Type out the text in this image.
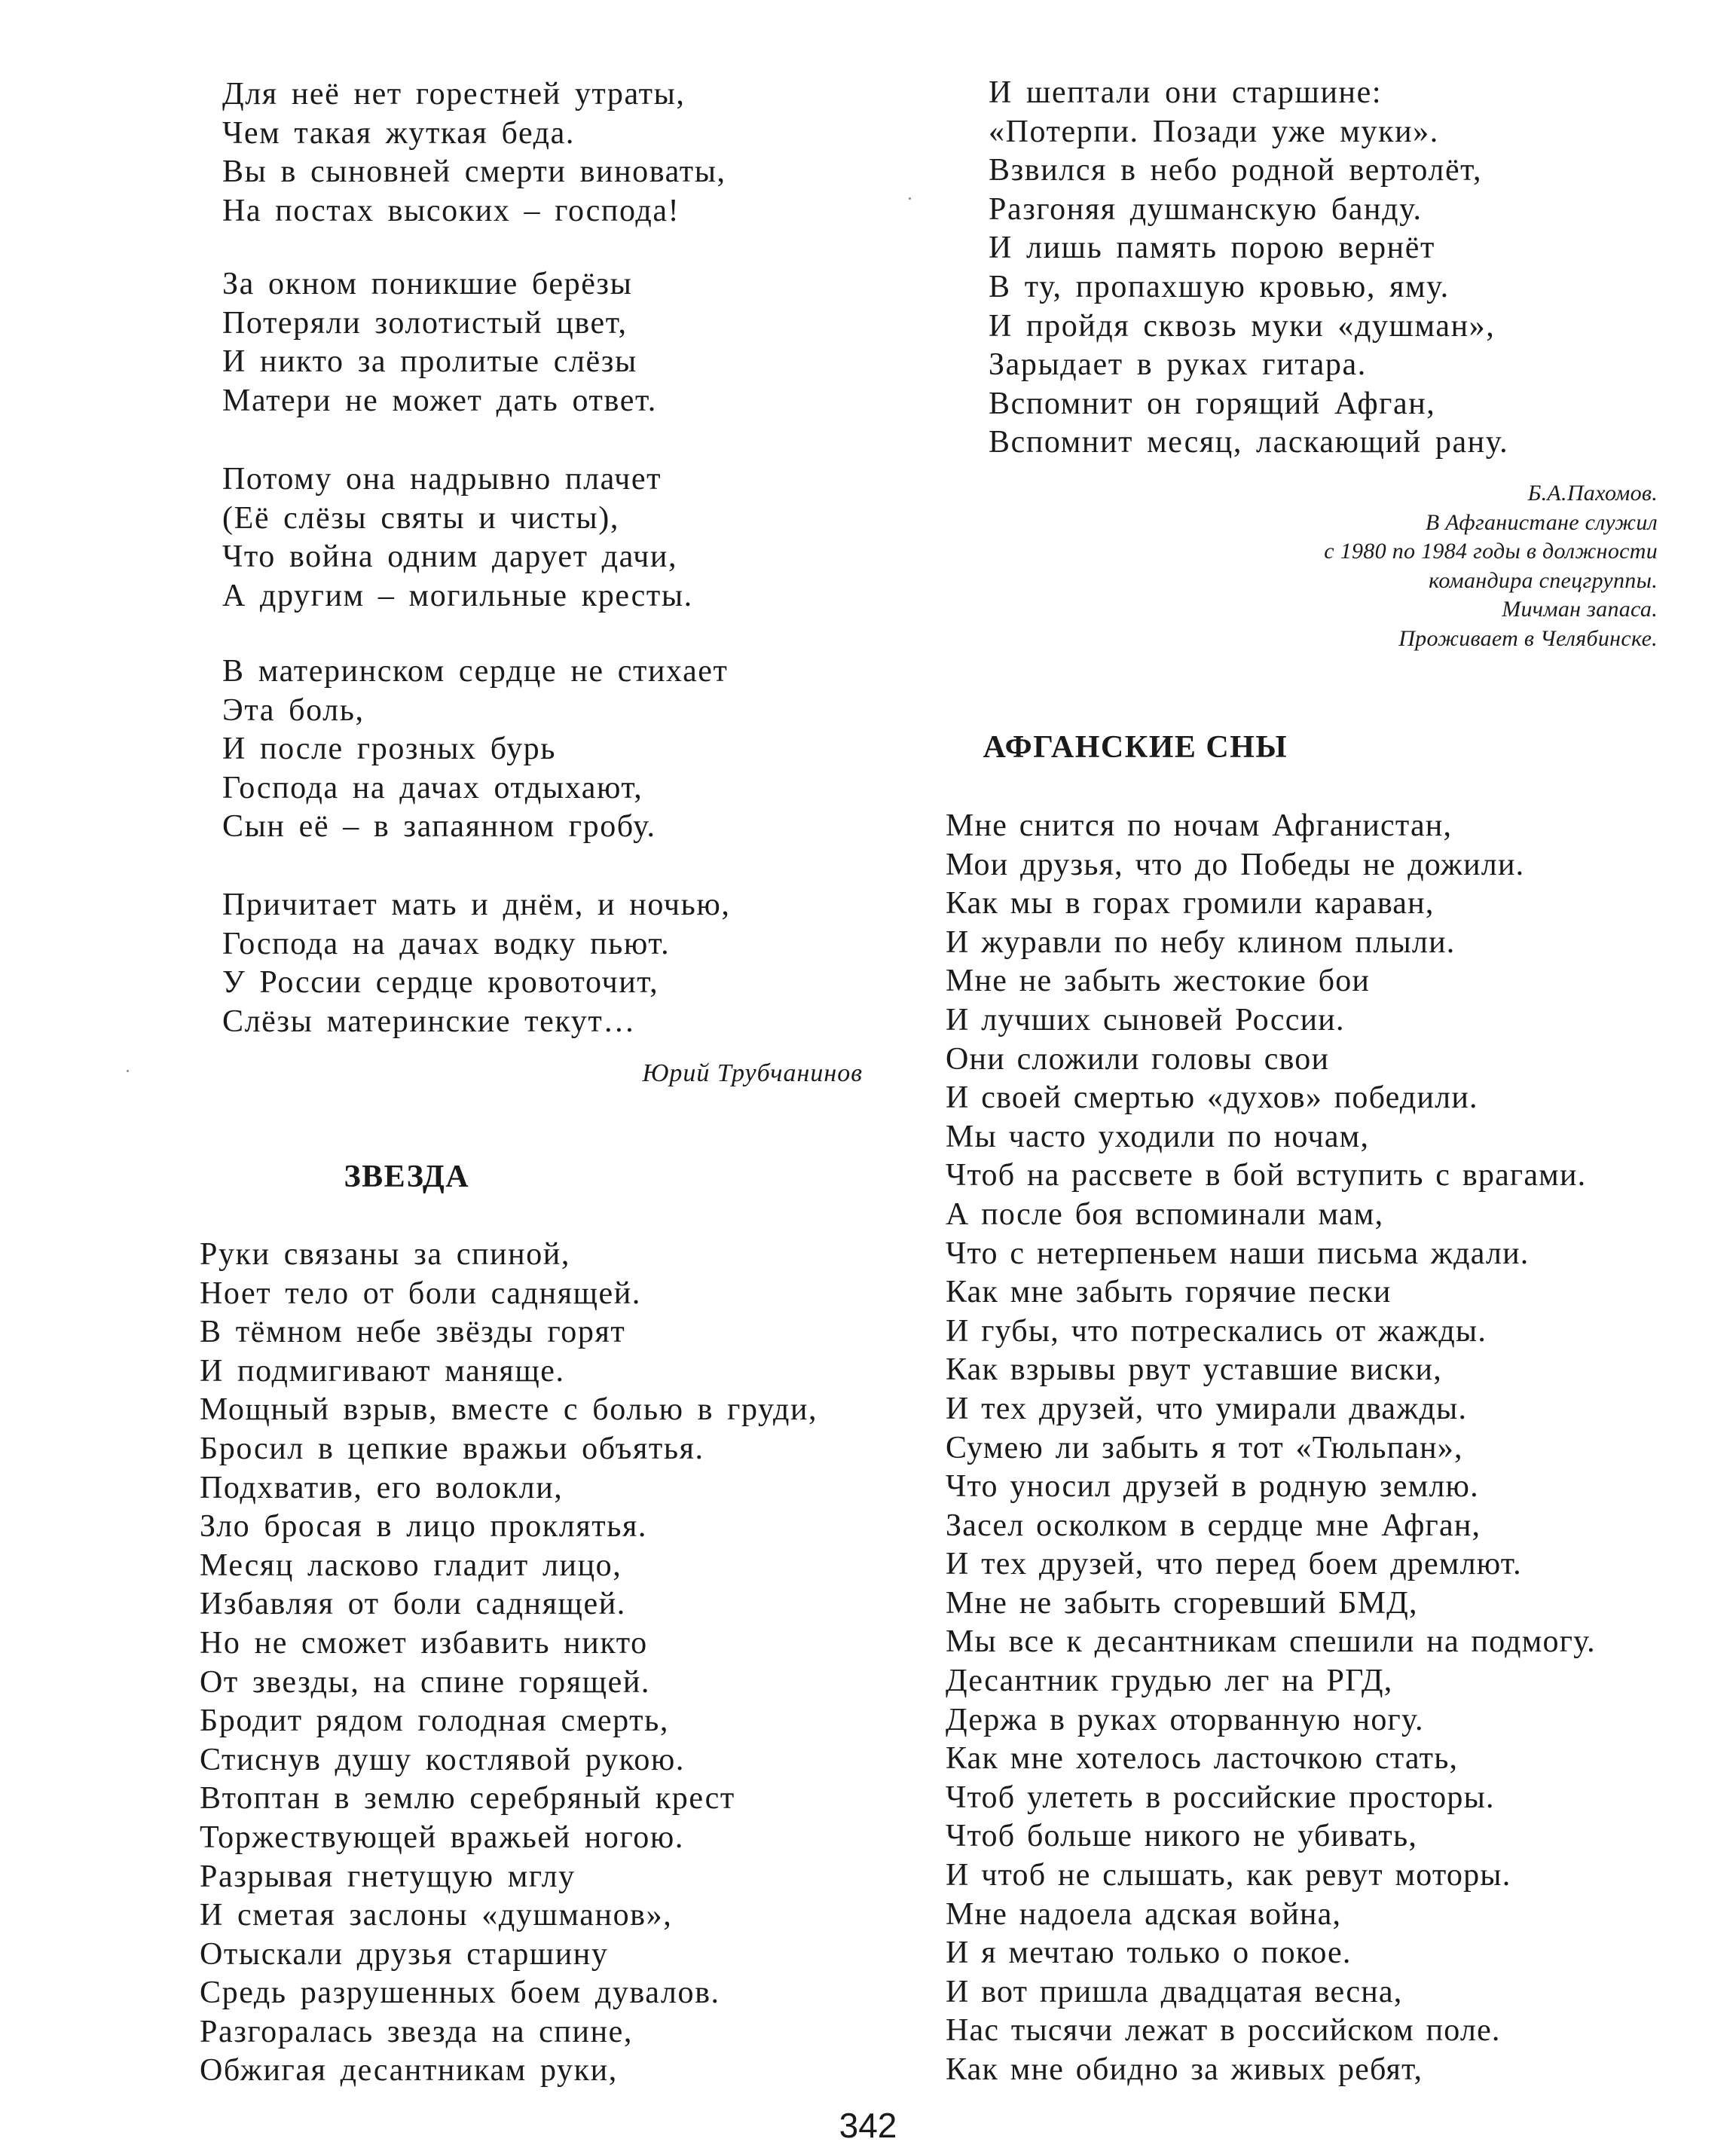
Для неё нет горестней утраты,
Чем такая жуткая беда.
Вы в сыновней смерти виноваты,
На постах высоких – господа!
За окном поникшие берёзы
Потеряли золотистый цвет,
И никто за пролитые слёзы
Матери не может дать ответ.
Потому она надрывно плачет
(Её слёзы святы и чисты),
Что война одним дарует дачи,
А другим – могильные кресты.
В материнском сердце не стихает
Эта боль,
И после грозных бурь
Господа на дачах отдыхают,
Сын её – в запаянном гробу.
Причитает мать и днём, и ночью,
Господа на дачах водку пьют.
У России сердце кровоточит,
Слёзы материнские текут…
Юрий Трубчанинов
ЗВЕЗДА
Руки связаны за спиной,
Ноет тело от боли саднящей.
В тёмном небе звёзды горят
И подмигивают маняще.
Мощный взрыв, вместе с болью в груди,
Бросил в цепкие вражьи объятья.
Подхватив, его волокли,
Зло бросая в лицо проклятья.
Месяц ласково гладит лицо,
Избавляя от боли саднящей.
Но не сможет избавить никто
От звезды, на спине горящей.
Бродит рядом голодная смерть,
Стиснув душу костлявой рукою.
Втоптан в землю серебряный крест
Торжествующей вражьей ногою.
Разрывая гнетущую мглу
И сметая заслоны «душманов»,
Отыскали друзья старшину
Средь разрушенных боем дувалов.
Разгоралась звезда на спине,
Обжигая десантникам руки,
И шептали они старшине:
«Потерпи. Позади уже муки».
Взвился в небо родной вертолёт,
Разгоняя душманскую банду.
И лишь память порою вернёт
В ту, пропахшую кровью, яму.
И пройдя сквозь муки «душман»,
Зарыдает в руках гитара.
Вспомнит он горящий Афган,
Вспомнит месяц, ласкающий рану.
Б.А.Пахомов.
В Афганистане служил
с 1980 по 1984 годы в должности
командира спецгруппы.
Мичман запаса.
Проживает в Челябинске.
АФГАНСКИЕ СНЫ
Мне снится по ночам Афганистан,
Мои друзья, что до Победы не дожили.
Как мы в горах громили караван,
И журавли по небу клином плыли.
Мне не забыть жестокие бои
И лучших сыновей России.
Они сложили головы свои
И своей смертью «духов» победили.
Мы часто уходили по ночам,
Чтоб на рассвете в бой вступить с врагами.
А после боя вспоминали мам,
Что с нетерпеньем наши письма ждали.
Как мне забыть горячие пески
И губы, что потрескались от жажды.
Как взрывы рвут уставшие виски,
И тех друзей, что умирали дважды.
Сумею ли забыть я тот «Тюльпан»,
Что уносил друзей в родную землю.
Засел осколком в сердце мне Афган,
И тех друзей, что перед боем дремлют.
Мне не забыть сгоревший БМД,
Мы все к десантникам спешили на подмогу.
Десантник грудью лег на РГД,
Держа в руках оторванную ногу.
Как мне хотелось ласточкою стать,
Чтоб улететь в российские просторы.
Чтоб больше никого не убивать,
И чтоб не слышать, как ревут моторы.
Мне надоела адская война,
И я мечтаю только о покое.
И вот пришла двадцатая весна,
Нас тысячи лежат в российском поле.
Как мне обидно за живых ребят,
342
